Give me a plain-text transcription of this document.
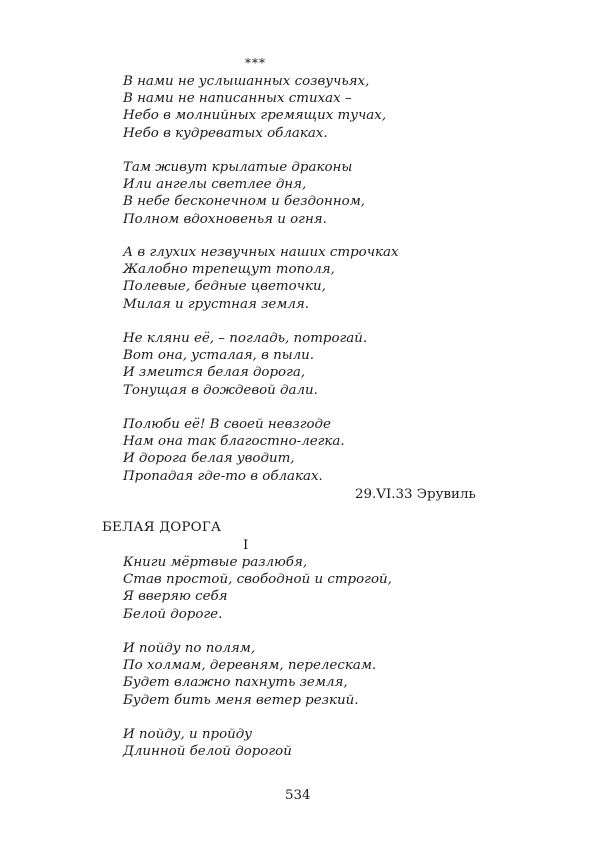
***
В нами не услышанных созвучьях,
В нами не написанных стихах –
Небо в молнийных гремящих тучах,
Небо в кудреватых облаках.
Там живут крылатые драконы
Или ангелы светлее дня,
В небе бесконечном и бездонном,
Полном вдохновенья и огня.
А в глухих незвучных наших строчках
Жалобно трепещут тополя,
Полевые, бедные цветочки,
Милая и грустная земля.
Не кляни её, – погладь, потрогай.
Вот она, усталая, в пыли.
И змеится белая дорога,
Тонущая в дождевой дали.
Полюби её! В своей невзгоде
Нам она так благостно-легка.
И дорога белая уводит,
Пропадая где-то в облаках.
29.VI.33 Эрувиль
БЕЛАЯ ДОРОГА
I
Книги мёртвые разлюбя,
Став простой, свободной и строгой,
Я вверяю себя
Белой дороге.
И пойду по полям,
По холмам, деревням, перелескам.
Будет влажно пахнуть земля,
Будет бить меня ветер резкий.
И пойду, и пройду
Длинной белой дорогой
534
